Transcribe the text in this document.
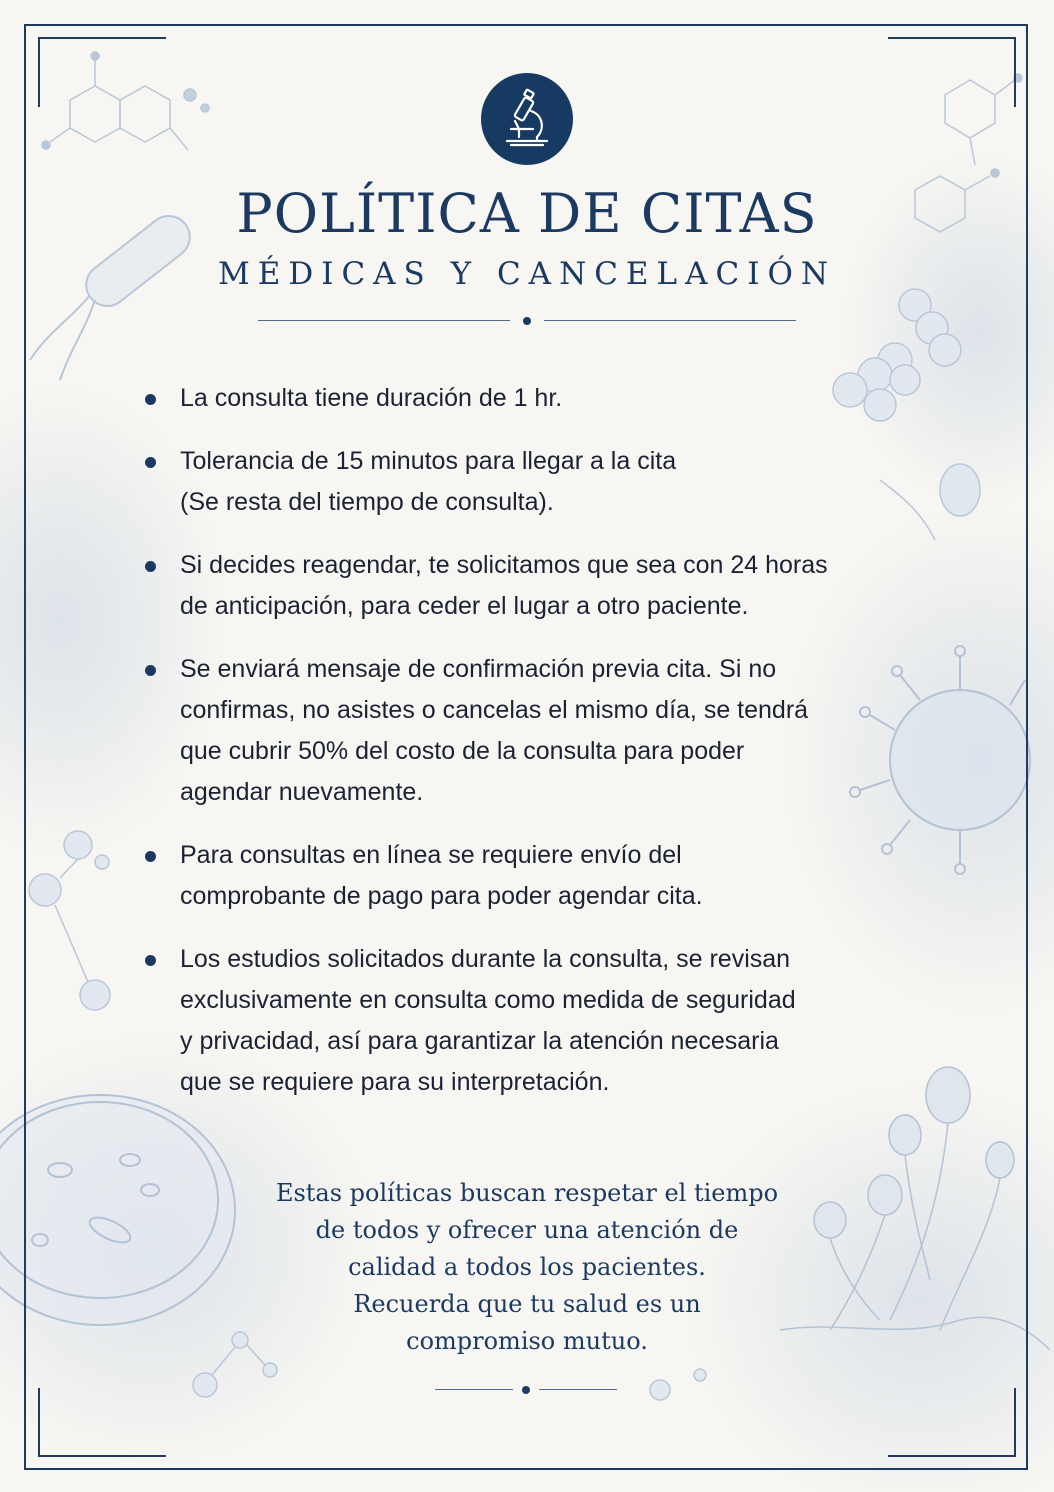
POLÍTICA DE CITAS
MÉDICAS Y CANCELACIÓN
La consulta tiene duración de 1 hr.
Tolerancia de 15 minutos para llegar a la cita
(Se resta del tiempo de consulta).
Si decides reagendar, te solicitamos que sea con 24 horas
de anticipación, para ceder el lugar a otro paciente.
Se enviará mensaje de confirmación previa cita. Si no
confirmas, no asistes o cancelas el mismo día, se tendrá
que cubrir 50% del costo de la consulta para poder
agendar nuevamente.
Para consultas en línea se requiere envío del
comprobante de pago para poder agendar cita.
Los estudios solicitados durante la consulta, se revisan
exclusivamente en consulta como medida de seguridad
y privacidad, así para garantizar la atención necesaria
que se requiere para su interpretación.
Estas políticas buscan respetar el tiempo
de todos y ofrecer una atención de
calidad a todos los pacientes.
Recuerda que tu salud es un
compromiso mutuo.
